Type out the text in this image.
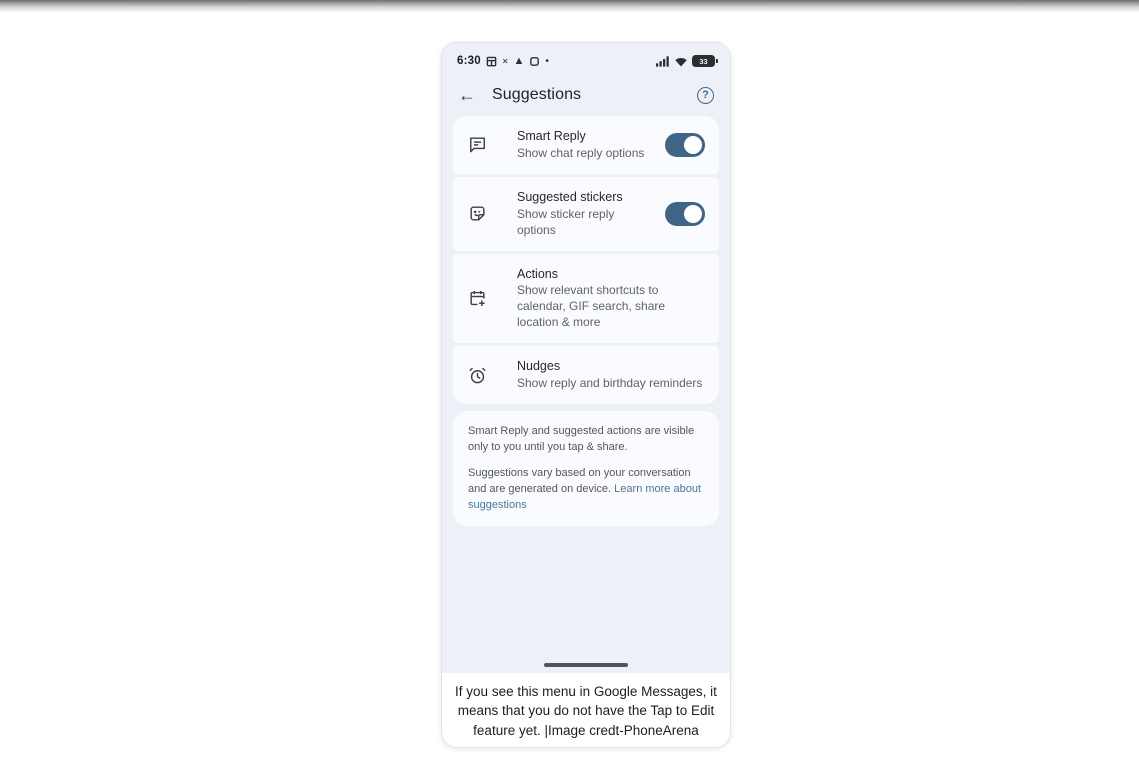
6:30	✕ ▲ •	33
← Suggestions	?
Smart Reply
Show chat reply options
Suggested stickers
Show sticker reply options
Actions
Show relevant shortcuts to calendar, GIF search, share location & more
Nudges
Show reply and birthday reminders

Smart Reply and suggested actions are visible only to you until you tap & share.

Suggestions vary based on your conversation and are generated on device. Learn more about suggestions

If you see this menu in Google Messages, it means that you do not have the Tap to Edit feature yet. |Image credt-PhoneArena
